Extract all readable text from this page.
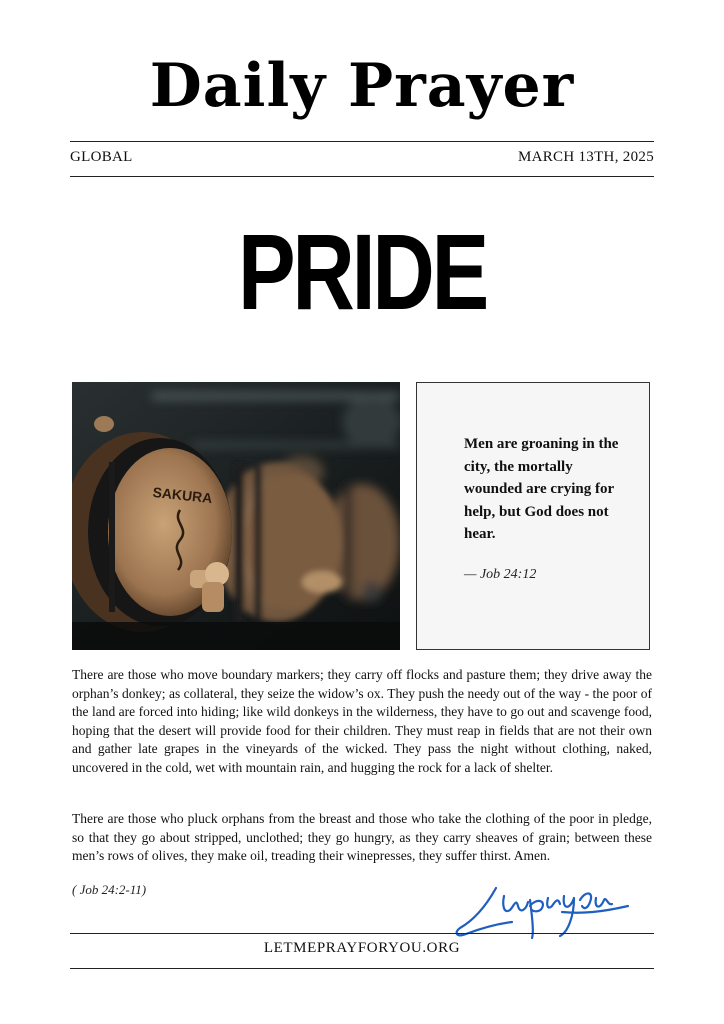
Daily Prayer
GLOBAL	MARCH 13TH, 2025
PRIDE
SAKURA
Men are groaning in the city, the mortally wounded are crying for help, but God does not hear.
— Job 24:12
There are those who move boundary markers; they carry off flocks and pasture them; they drive away the orphan’s donkey; as collateral, they seize the widow’s ox. They push the needy out of the way - the poor of the land are forced into hiding; like wild donkeys in the wilderness, they have to go out and scavenge food, hoping that the desert will provide food for their children. They must reap in fields that are not their own and gather late grapes in the vineyards of the wicked. They pass the night without clothing, naked, uncovered in the cold, wet with mountain rain, and hugging the rock for a lack of shelter.
There are those who pluck orphans from the breast and those who take the clothing of the poor in pledge, so that they go about stripped, unclothed; they go hungry, as they carry sheaves of grain; between these men’s rows of olives, they make oil, treading their winepresses, they suffer thirst. Amen.
( Job 24:2-11)
LETMEPRAYFORYOU.ORG
